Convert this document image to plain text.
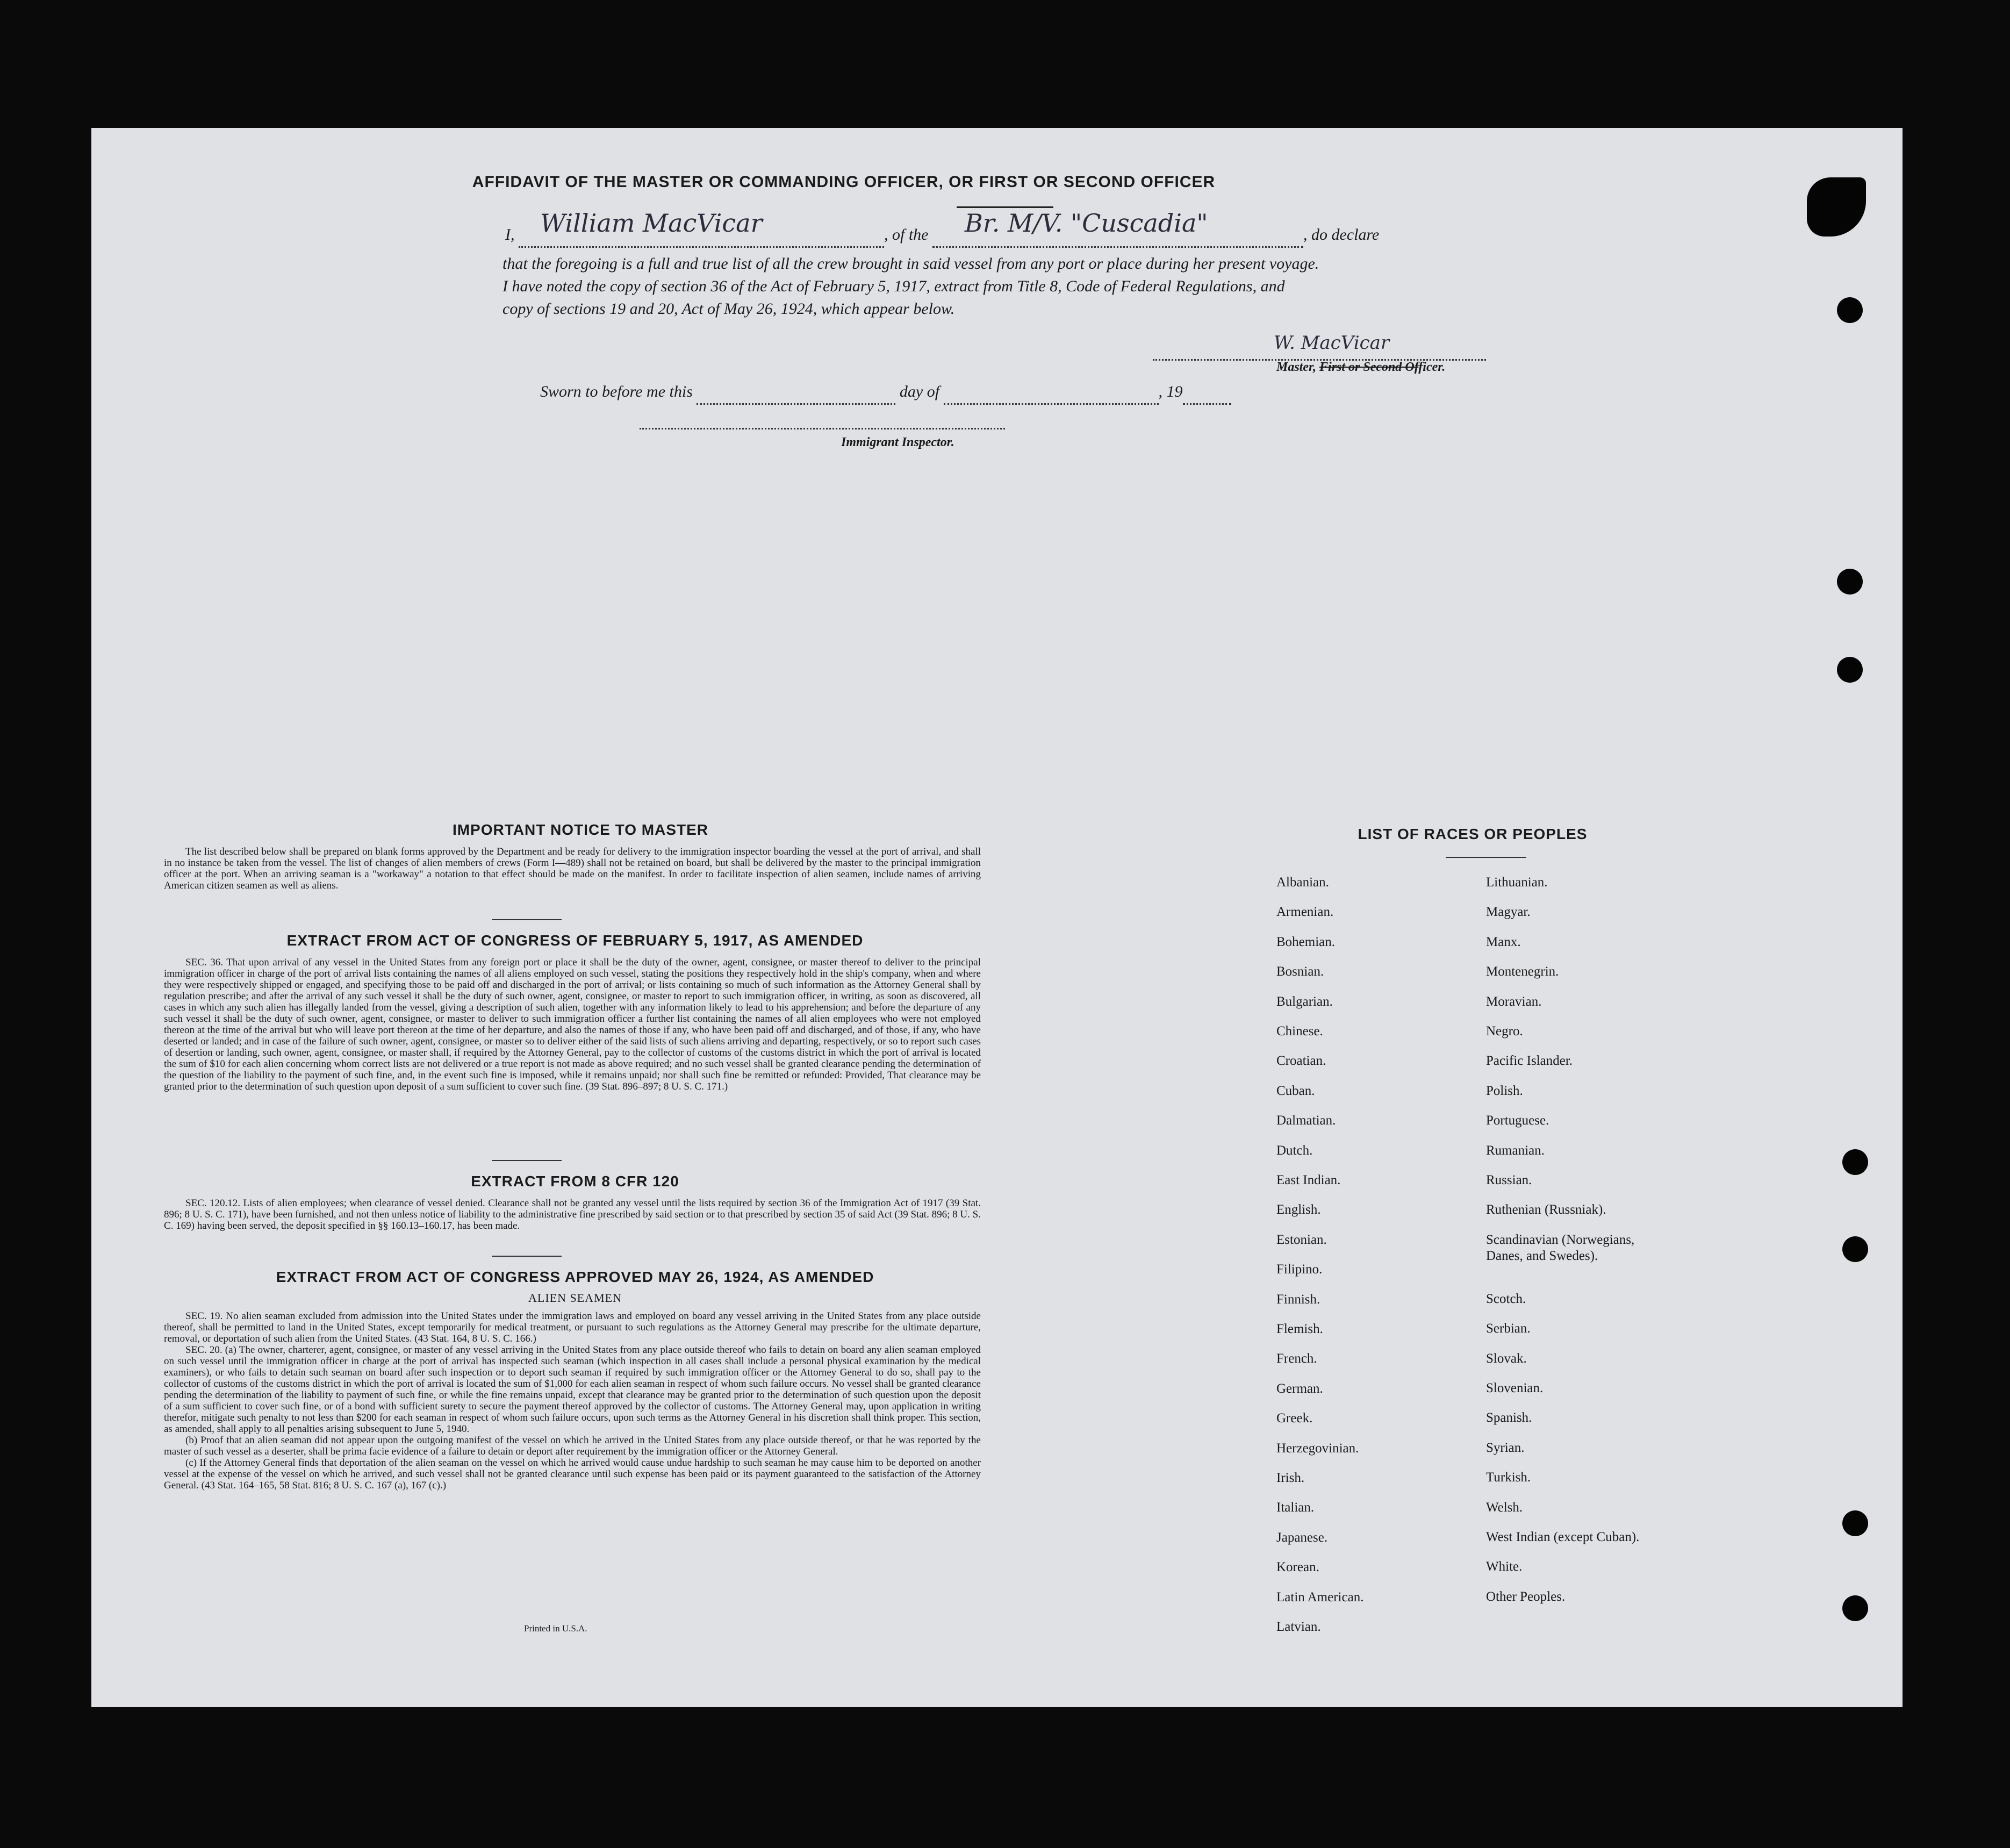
AFFIDAVIT OF THE MASTER OR COMMANDING OFFICER, OR FIRST OR SECOND OFFICER
I, William MacVicar	, of the Br. M/V. "Cuscadia"	, do declare
that the foregoing is a full and true list of all the crew brought in said vessel from any port or place during her present voyage.
I have noted the copy of section 36 of the Act of February 5, 1917, extract from Title 8, Code of Federal Regulations, and
copy of sections 19 and 20, Act of May 26, 1924, which appear below.
W. MacVicar
Master, First or Second Officer.
Sworn to before me this	day of	, 19
Immigrant Inspector.
IMPORTANT NOTICE TO MASTER
The list described below shall be prepared on blank forms approved by the Department and be ready for delivery to the immigration inspector boarding the vessel at the port of arrival, and shall in no instance be taken from the vessel. The list of changes of alien members of crews (Form I—489) shall not be retained on board, but shall be delivered by the master to the principal immigration officer at the port. When an arriving seaman is a "workaway" a notation to that effect should be made on the manifest. In order to facilitate inspection of alien seamen, include names of arriving American citizen seamen as well as aliens.
EXTRACT FROM ACT OF CONGRESS OF FEBRUARY 5, 1917, AS AMENDED
SEC. 36. That upon arrival of any vessel in the United States from any foreign port or place it shall be the duty of the owner, agent, consignee, or master thereof to deliver to the principal immigration officer in charge of the port of arrival lists containing the names of all aliens employed on such vessel, stating the positions they respectively hold in the ship's company, when and where they were respectively shipped or engaged, and specifying those to be paid off and discharged in the port of arrival; or lists containing so much of such information as the Attorney General shall by regulation prescribe; and after the arrival of any such vessel it shall be the duty of such owner, agent, consignee, or master to report to such immigration officer, in writing, as soon as discovered, all cases in which any such alien has illegally landed from the vessel, giving a description of such alien, together with any information likely to lead to his apprehension; and before the departure of any such vessel it shall be the duty of such owner, agent, consignee, or master to deliver to such immigration officer a further list containing the names of all alien employees who were not employed thereon at the time of the arrival but who will leave port thereon at the time of her departure, and also the names of those if any, who have been paid off and discharged, and of those, if any, who have deserted or landed; and in case of the failure of such owner, agent, consignee, or master so to deliver either of the said lists of such aliens arriving and departing, respectively, or so to report such cases of desertion or landing, such owner, agent, consignee, or master shall, if required by the Attorney General, pay to the collector of customs of the customs district in which the port of arrival is located the sum of $10 for each alien concerning whom correct lists are not delivered or a true report is not made as above required; and no such vessel shall be granted clearance pending the determination of the question of the liability to the payment of such fine, and, in the event such fine is imposed, while it remains unpaid; nor shall such fine be remitted or refunded: Provided, That clearance may be granted prior to the determination of such question upon deposit of a sum sufficient to cover such fine. (39 Stat. 896–897; 8 U. S. C. 171.)
EXTRACT FROM 8 CFR 120
SEC. 120.12. Lists of alien employees; when clearance of vessel denied. Clearance shall not be granted any vessel until the lists required by section 36 of the Immigration Act of 1917 (39 Stat. 896; 8 U. S. C. 171), have been furnished, and not then unless notice of liability to the administrative fine prescribed by said section or to that prescribed by section 35 of said Act (39 Stat. 896; 8 U. S. C. 169) having been served, the deposit specified in §§ 160.13–160.17, has been made.
EXTRACT FROM ACT OF CONGRESS APPROVED MAY 26, 1924, AS AMENDED
ALIEN SEAMEN
SEC. 19. No alien seaman excluded from admission into the United States under the immigration laws and employed on board any vessel arriving in the United States from any place outside thereof, shall be permitted to land in the United States, except temporarily for medical treatment, or pursuant to such regulations as the Attorney General may prescribe for the ultimate departure, removal, or deportation of such alien from the United States. (43 Stat. 164, 8 U. S. C. 166.)
SEC. 20. (a) The owner, charterer, agent, consignee, or master of any vessel arriving in the United States from any place outside thereof who fails to detain on board any alien seaman employed on such vessel until the immigration officer in charge at the port of arrival has inspected such seaman (which inspection in all cases shall include a personal physical examination by the medical examiners), or who fails to detain such seaman on board after such inspection or to deport such seaman if required by such immigration officer or the Attorney General to do so, shall pay to the collector of customs of the customs district in which the port of arrival is located the sum of $1,000 for each alien seaman in respect of whom such failure occurs. No vessel shall be granted clearance pending the determination of the liability to payment of such fine, or while the fine remains unpaid, except that clearance may be granted prior to the determination of such question upon the deposit of a sum sufficient to cover such fine, or of a bond with sufficient surety to secure the payment thereof approved by the collector of customs. The Attorney General may, upon application in writing therefor, mitigate such penalty to not less than $200 for each seaman in respect of whom such failure occurs, upon such terms as the Attorney General in his discretion shall think proper. This section, as amended, shall apply to all penalties arising subsequent to June 5, 1940.
(b) Proof that an alien seaman did not appear upon the outgoing manifest of the vessel on which he arrived in the United States from any place outside thereof, or that he was reported by the master of such vessel as a deserter, shall be prima facie evidence of a failure to detain or deport after requirement by the immigration officer or the Attorney General.
(c) If the Attorney General finds that deportation of the alien seaman on the vessel on which he arrived would cause undue hardship to such seaman he may cause him to be deported on another vessel at the expense of the vessel on which he arrived, and such vessel shall not be granted clearance until such expense has been paid or its payment guaranteed to the satisfaction of the Attorney General. (43 Stat. 164–165, 58 Stat. 816; 8 U. S. C. 167 (a), 167 (c).)
Printed in U.S.A.
LIST OF RACES OR PEOPLES
Albanian.
Armenian.
Bohemian.
Bosnian.
Bulgarian.
Chinese.
Croatian.
Cuban.
Dalmatian.
Dutch.
East Indian.
English.
Estonian.
Filipino.
Finnish.
Flemish.
French.
German.
Greek.
Herzegovinian.
Irish.
Italian.
Japanese.
Korean.
Latin American.
Latvian.
Lithuanian.
Magyar.
Manx.
Montenegrin.
Moravian.
Negro.
Pacific Islander.
Polish.
Portuguese.
Rumanian.
Russian.
Ruthenian (Russniak).
Scandinavian (Norwegians,
Danes, and Swedes).
Scotch.
Serbian.
Slovak.
Slovenian.
Spanish.
Syrian.
Turkish.
Welsh.
West Indian (except Cuban).
White.
Other Peoples.
